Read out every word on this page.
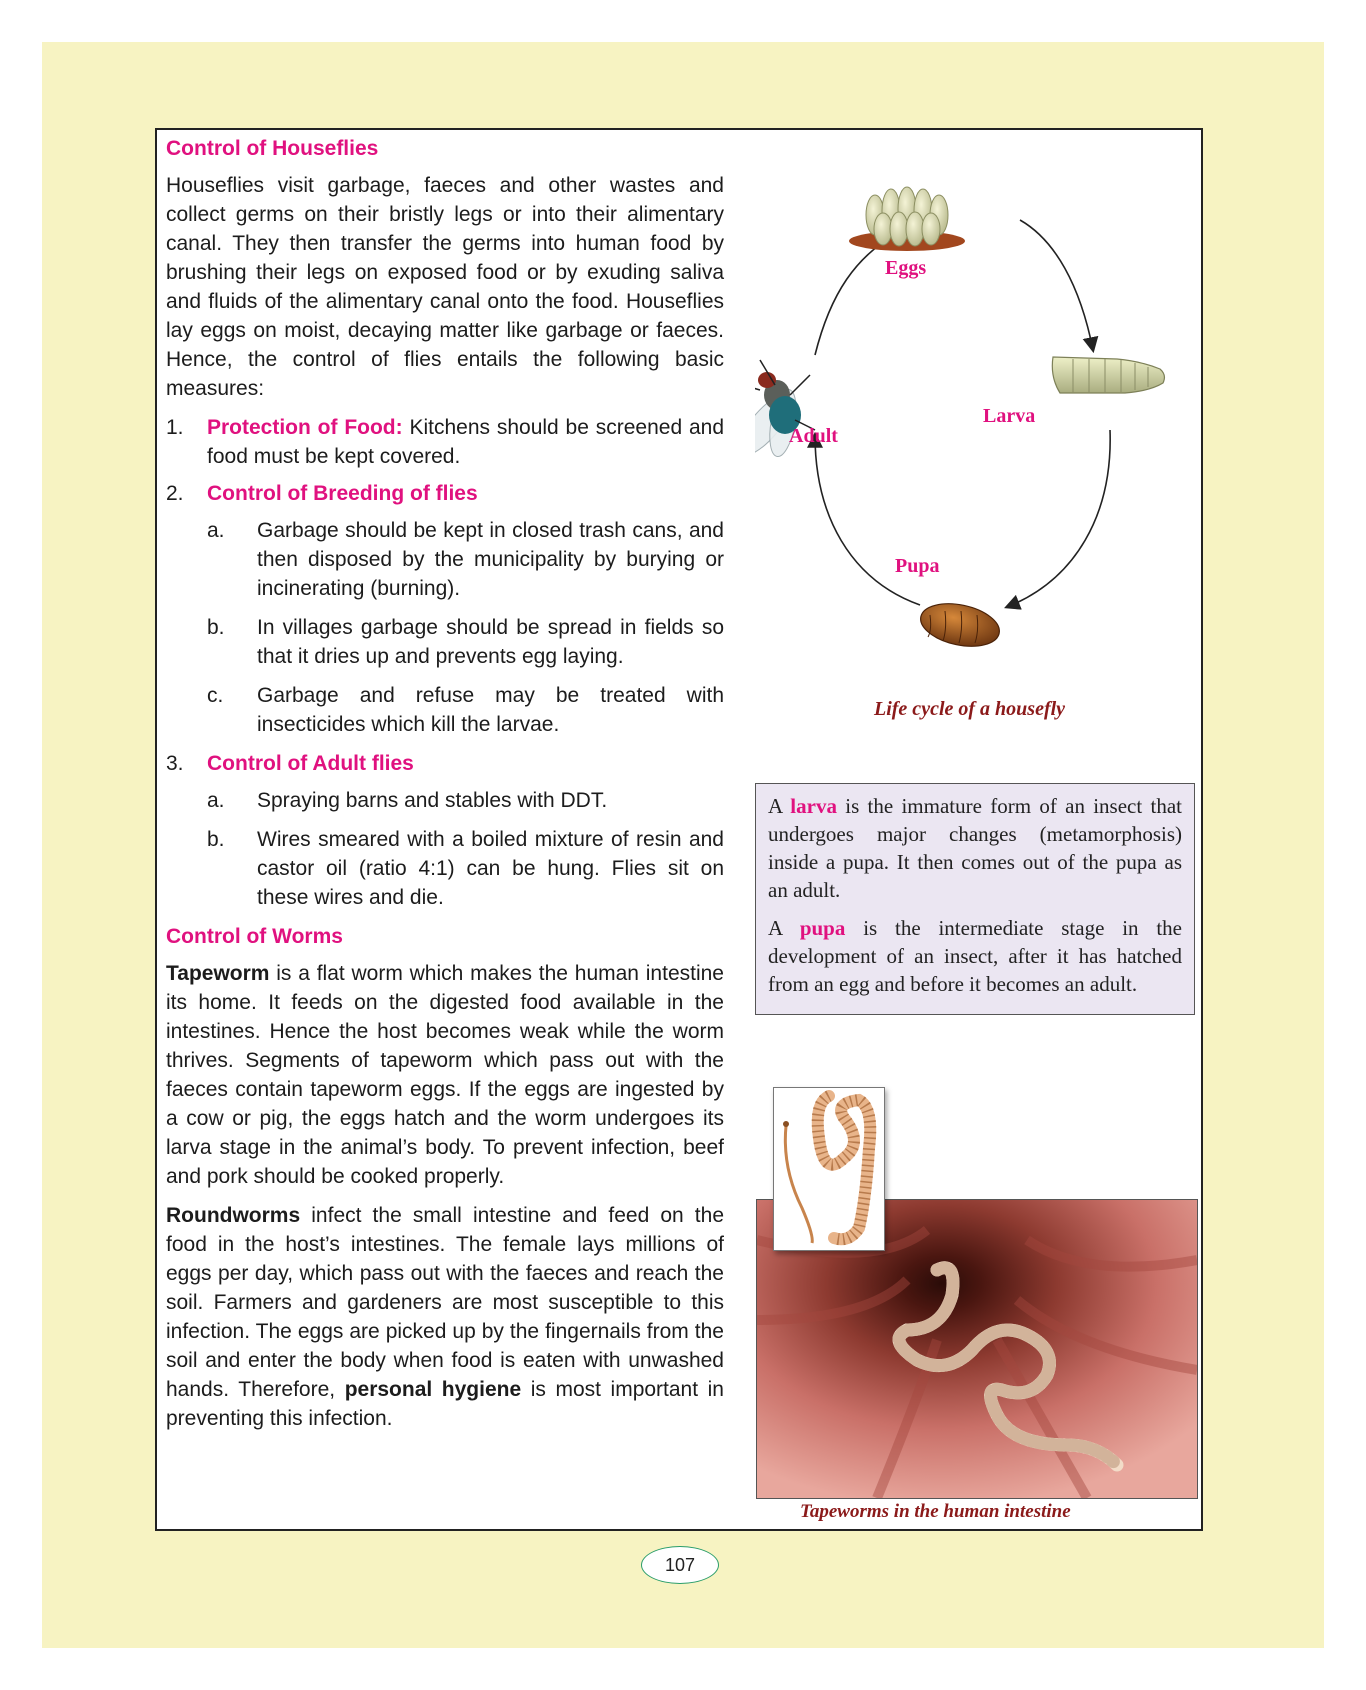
Control of Houseflies

Houseflies visit garbage, faeces and other wastes and collect germs on their bristly legs or into their alimentary canal. They then transfer the germs into human food by brushing their legs on exposed food or by exuding saliva and fluids of the alimentary canal onto the food. Houseflies lay eggs on moist, decaying matter like garbage or faeces. Hence, the control of flies entails the following basic measures:

1. Protection of Food: Kitchens should be screened and food must be kept covered.
2. Control of Breeding of flies
a. Garbage should be kept in closed trash cans, and then disposed by the municipality by burying or incinerating (burning).
b. In villages garbage should be spread in fields so that it dries up and prevents egg laying.
c. Garbage and refuse may be treated with insecticides which kill the larvae.
3. Control of Adult flies
a. Spraying barns and stables with DDT.
b. Wires smeared with a boiled mixture of resin and castor oil (ratio 4:1) can be hung. Flies sit on these wires and die.
Control of Worms

Tapeworm is a flat worm which makes the human intestine its home. It feeds on the digested food available in the intestines. Hence the host becomes weak while the worm thrives. Segments of tapeworm which pass out with the faeces contain tapeworm eggs. If the eggs are ingested by a cow or pig, the eggs hatch and the worm undergoes its larva stage in the animal’s body. To prevent infection, beef and pork should be cooked properly.

Roundworms infect the small intestine and feed on the food in the host’s intestines. The female lays millions of eggs per day, which pass out with the faeces and reach the soil. Farmers and gardeners are most susceptible to this infection. The eggs are picked up by the fingernails from the soil and enter the body when food is eaten with unwashed hands. Therefore, personal hygiene is most important in preventing this infection.

Eggs
Larva
Pupa
Adult
Life cycle of a housefly

A larva is the immature form of an insect that undergoes major changes (metamorphosis) inside a pupa. It then comes out of the pupa as an adult.

A pupa is the intermediate stage in the development of an insect, after it has hatched from an egg and before it becomes an adult.

Tapeworms in the human intestine
107
